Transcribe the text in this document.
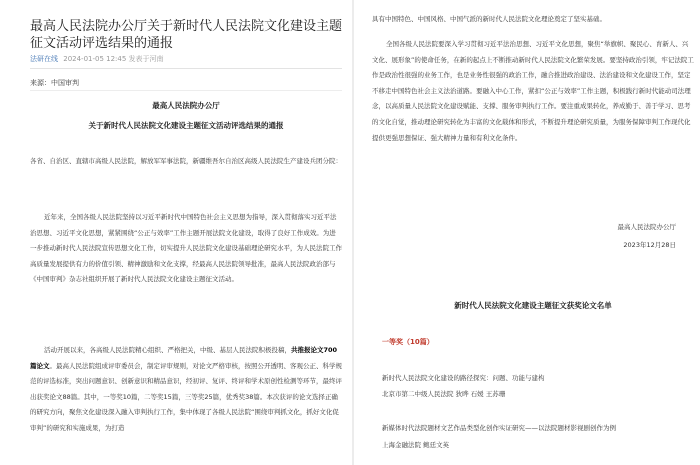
最高人民法院办公厅关于新时代人民法院文化建设主题征文活动评选结果的通报
法研在线 2024-01-05 12:45 发表于河南
来源：中国审判
最高人民法院办公厅
关于新时代人民法院文化建设主题征文活动评选结果的通报

各省、自治区、直辖市高级人民法院，解放军军事法院，新疆维吾尔自治区高级人民法院生产建设兵团分院：

近年来，全国各级人民法院坚持以习近平新时代中国特色社会主义思想为指导，深入贯彻落实习近平法治思想、习近平文化思想，紧紧围绕“公正与效率”工作主题开展法院文化建设，取得了良好工作成效。为进一步推动新时代人民法院宣传思想文化工作，切实提升人民法院文化建设基础理论研究水平，为人民法院工作高质量发展提供有力的价值引领、精神激励和文化支撑，经最高人民法院领导批准，最高人民法院政治部与《中国审判》杂志社组织开展了新时代人民法院文化建设主题征文活动。

活动开展以来，各高级人民法院精心组织、严格把关，中级、基层人民法院积极投稿，共推报论文700篇论文。最高人民法院组成评审委员会，制定评审规则，对论文严格审核，按照公开透明、客观公正、科学规范的评选标准，突出问题意识、创新意识和精品意识，经初评、复评、终评和学术原创性检测等环节，最终评出获奖论文88篇。其中，一等奖10篇，二等奖15篇，三等奖25篇，优秀奖38篇。本次获评的论文选择正确的研究方向，聚焦文化建设深入融入审判执行工作，集中体现了各级人民法院“围绕审判抓文化，抓好文化促审判”的研究和实施成果，为打造

具有中国特色、中国风格、中国气派的新时代人民法院文化理论奠定了坚实基础。

全国各级人民法院要深入学习贯彻习近平法治思想、习近平文化思想，聚焦“举旗帜、聚民心、育新人、兴文化、展形象”的使命任务，在新的起点上不断推动新时代人民法院文化繁荣发展。要坚持政治引领，牢记法院工作是政治性很强的业务工作，也是业务性很强的政治工作，融合推进政治建设、法治建设和文化建设工作，坚定不移走中国特色社会主义法治道路。要融入中心工作，紧扣“公正与效率”工作主题，积极践行新时代能动司法理念，以高质量人民法院文化建设赋能、支撑、服务审判执行工作。要注重成果转化，养成勤于、善于学习、思考的文化自觉，推动理论研究转化为丰富的文化载体和形式，不断提升理论研究质量，为服务保障审判工作现代化提供更强思想保证、强大精神力量和有利文化条件。

最高人民法院办公厅
2023年12月28日
新时代人民法院文化建设主题征文获奖论文名单
一等奖（10篇）
新时代人民法院文化建设的路径探究：问题、功能与建构
北京市第二中级人民法院 狄晔 石媛 王苏珊
新媒体时代法院题材文艺作品类型化创作实证研究——以法院题材影视剧创作为例
上海金融法院 鲍廷文英
